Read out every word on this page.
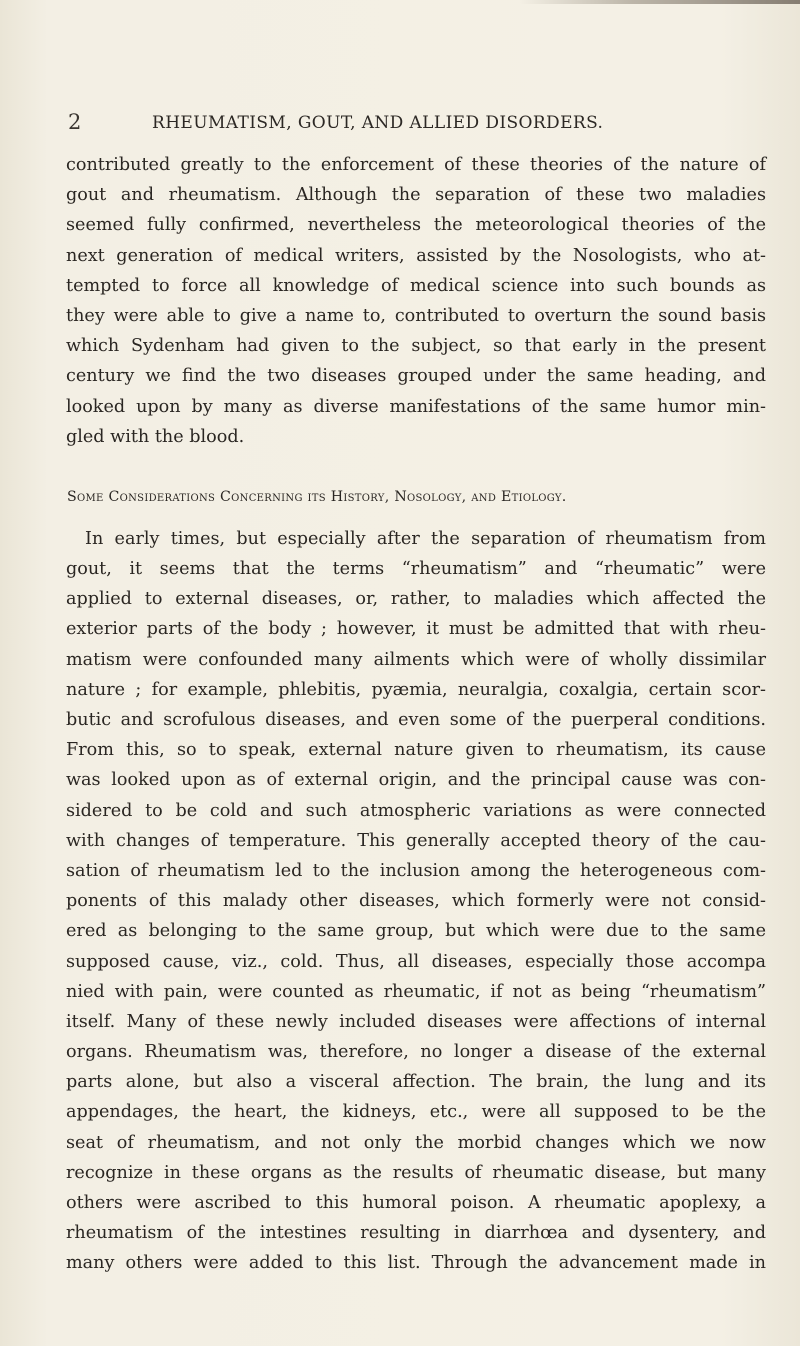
2	RHEUMATISM, GOUT, AND ALLIED DISORDERS.

contributed greatly to the enforcement of these theories of the nature of
gout and rheumatism. Although the separation of these two maladies
seemed fully confirmed, nevertheless the meteorological theories of the
next generation of medical writers, assisted by the Nosologists, who at-
tempted to force all knowledge of medical science into such bounds as
they were able to give a name to, contributed to overturn the sound basis
which Sydenham had given to the subject, so that early in the present
century we find the two diseases grouped under the same heading, and
looked upon by many as diverse manifestations of the same humor min-
gled with the blood.

Some Considerations Concerning its History, Nosology, and Etiology.

In early times, but especially after the separation of rheumatism from
gout, it seems that the terms “rheumatism” and “rheumatic” were
applied to external diseases, or, rather, to maladies which affected the
exterior parts of the body ; however, it must be admitted that with rheu-
matism were confounded many ailments which were of wholly dissimilar
nature ; for example, phlebitis, pyæmia, neuralgia, coxalgia, certain scor-
butic and scrofulous diseases, and even some of the puerperal conditions.
From this, so to speak, external nature given to rheumatism, its cause
was looked upon as of external origin, and the principal cause was con-
sidered to be cold and such atmospheric variations as were connected
with changes of temperature. This generally accepted theory of the cau-
sation of rheumatism led to the inclusion among the heterogeneous com-
ponents of this malady other diseases, which formerly were not consid-
ered as belonging to the same group, but which were due to the same
supposed cause, viz., cold. Thus, all diseases, especially those accompa
nied with pain, were counted as rheumatic, if not as being “rheumatism”
itself. Many of these newly included diseases were affections of internal
organs. Rheumatism was, therefore, no longer a disease of the external
parts alone, but also a visceral affection. The brain, the lung and its
appendages, the heart, the kidneys, etc., were all supposed to be the
seat of rheumatism, and not only the morbid changes which we now
recognize in these organs as the results of rheumatic disease, but many
others were ascribed to this humoral poison. A rheumatic apoplexy, a
rheumatism of the intestines resulting in diarrhœa and dysentery, and
many others were added to this list. Through the advancement made in
